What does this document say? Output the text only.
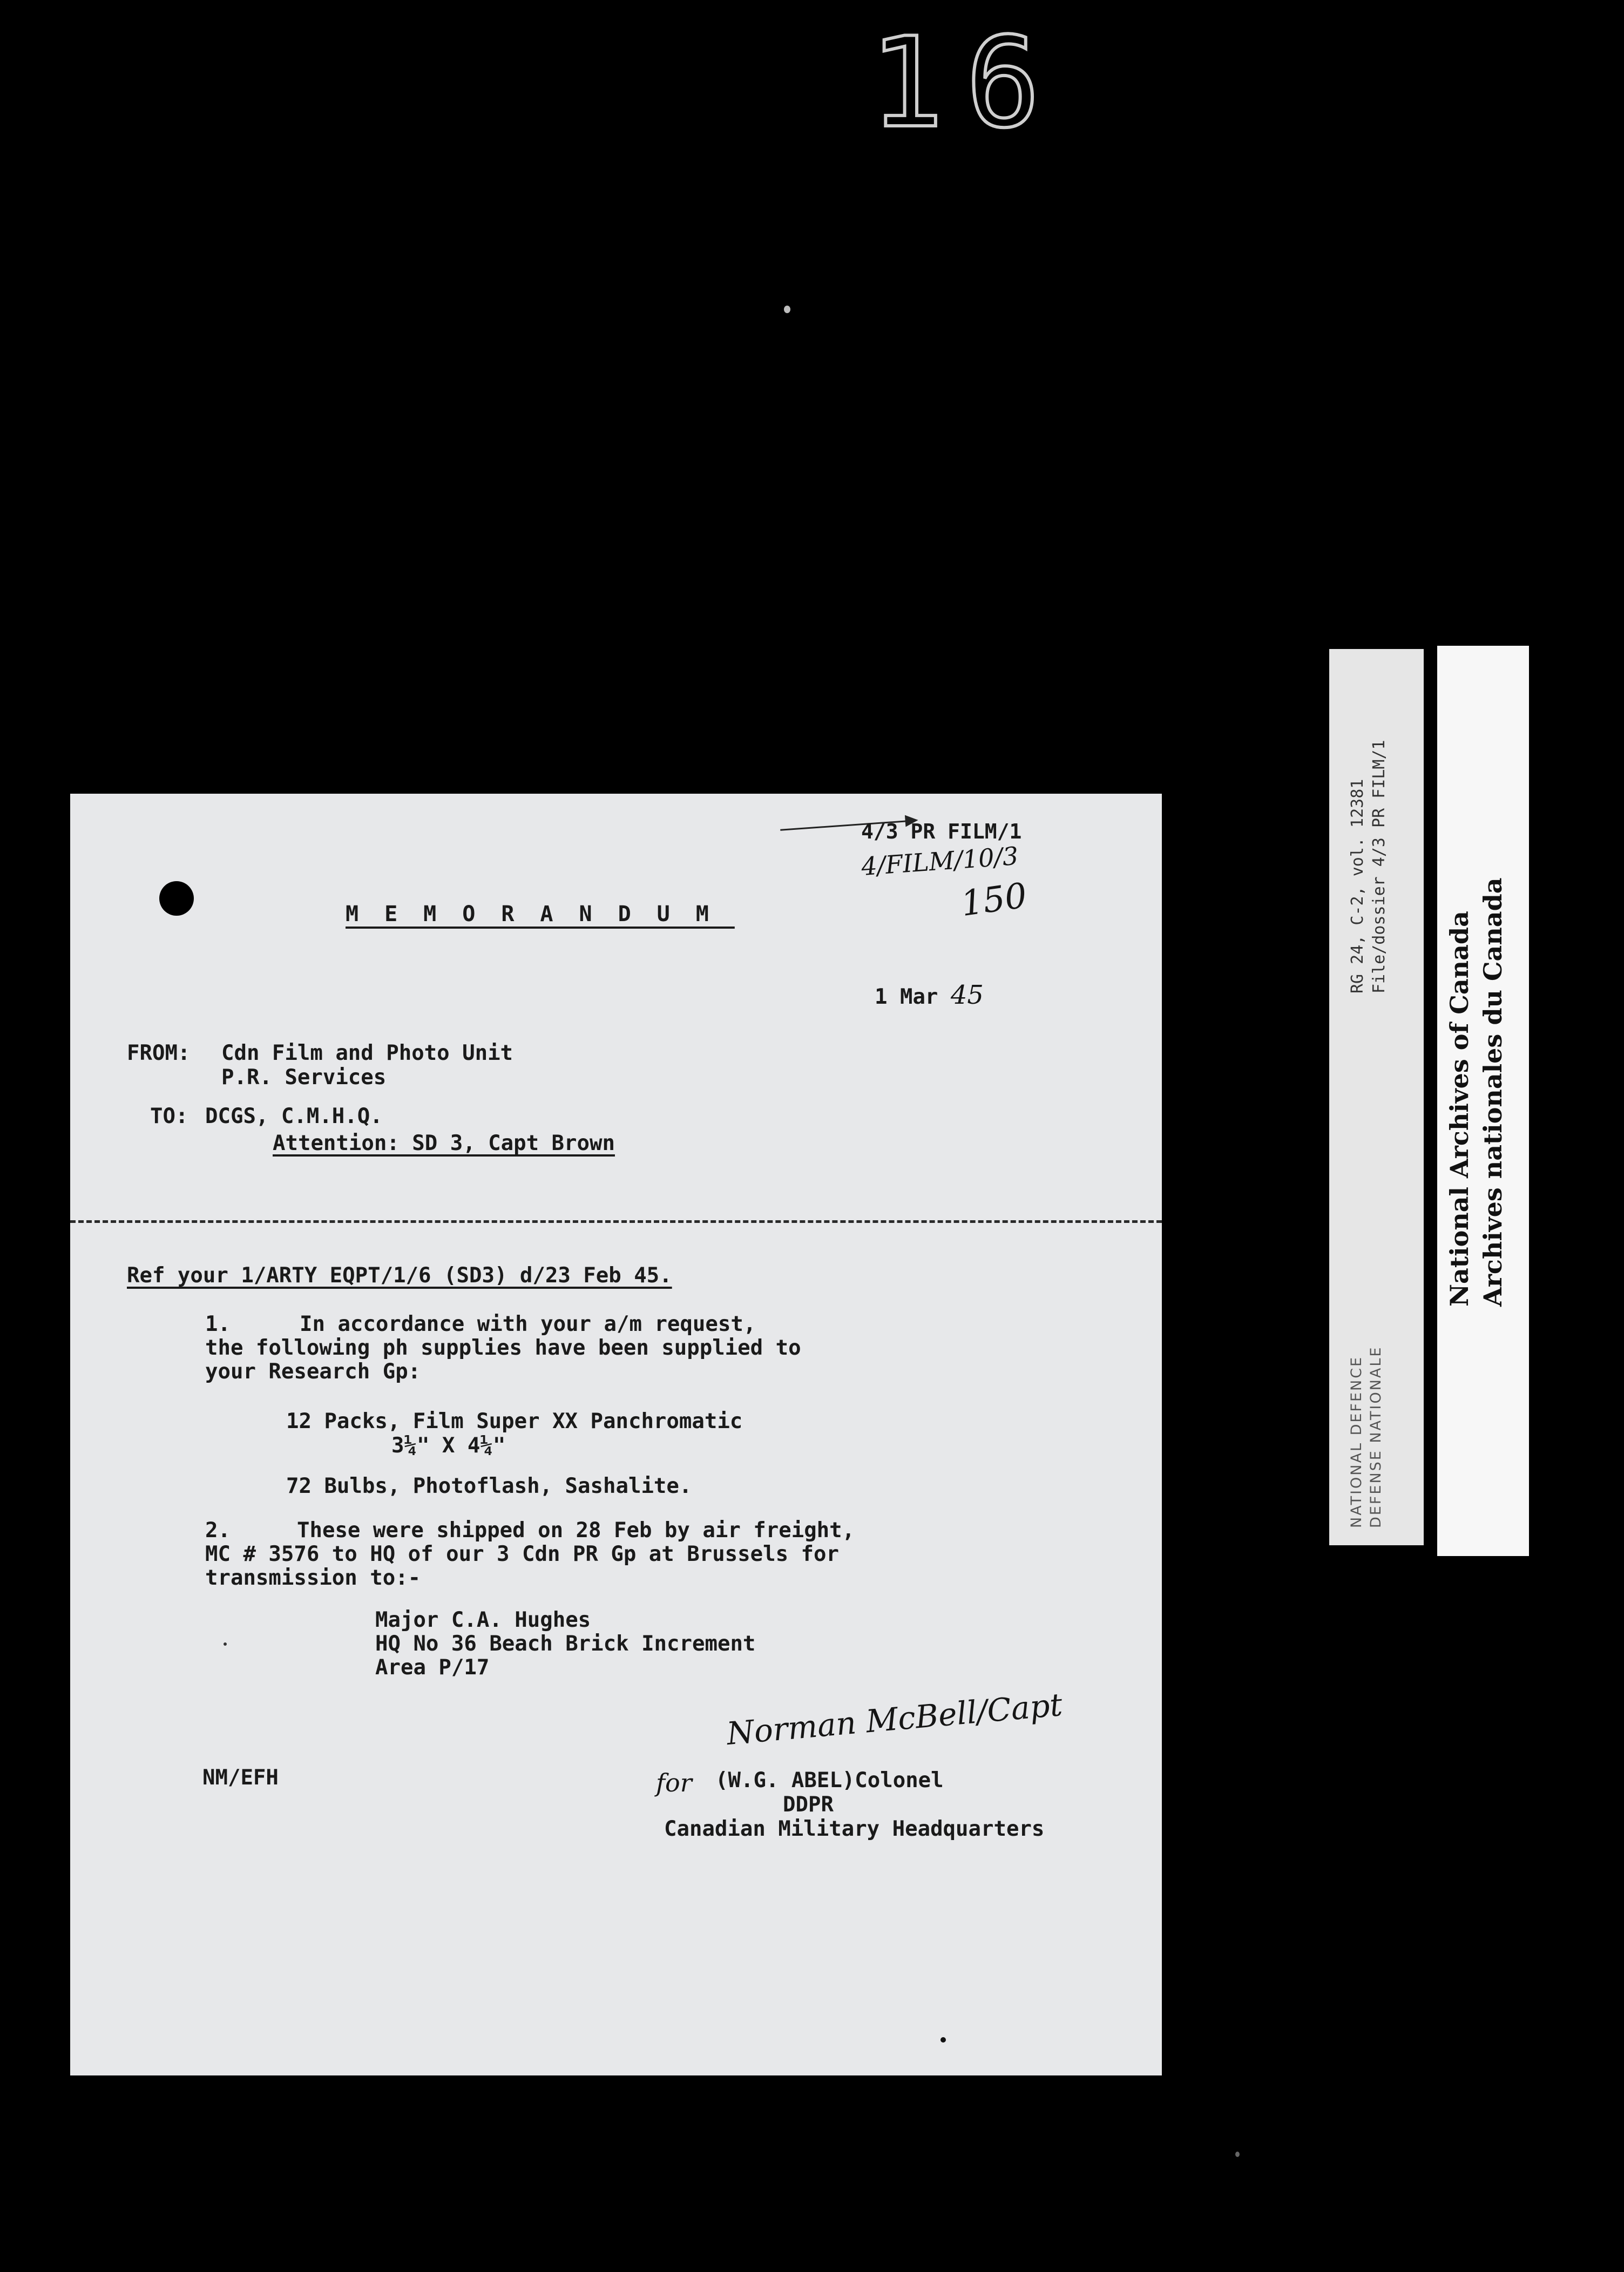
16
RG 24, C-2, vol. 12381 File/dossier 4/3 PR FILM/1
NATIONAL DEFENCE DEFENSE NATIONALE
National Archives of Canada Archives nationales du Canada
4/3 PR FILM/1
4/FILM/10/3
150
MEMORANDUM
1 Mar 45
FROM: Cdn Film and Photo Unit
P.R. Services
TO: DCGS, C.M.H.Q.
Attention: SD 3, Capt Brown
Ref your 1/ARTY EQPT/1/6 (SD3) d/23 Feb 45.
1.	In accordance with your a/m request,
the following ph supplies have been supplied to
your Research Gp:
12 Packs, Film Super XX Panchromatic
3¼" X 4¼"
72 Bulbs, Photoflash, Sashalite.
2.	These were shipped on 28 Feb by air freight,
MC # 3576 to HQ of our 3 Cdn PR Gp at Brussels for
transmission to:-
Major C.A. Hughes
HQ No 36 Beach Brick Increment
Area P/17
NM/EFH
Norman McBell/Capt
for (W.G. ABEL)Colonel
DDPR
Canadian Military Headquarters
